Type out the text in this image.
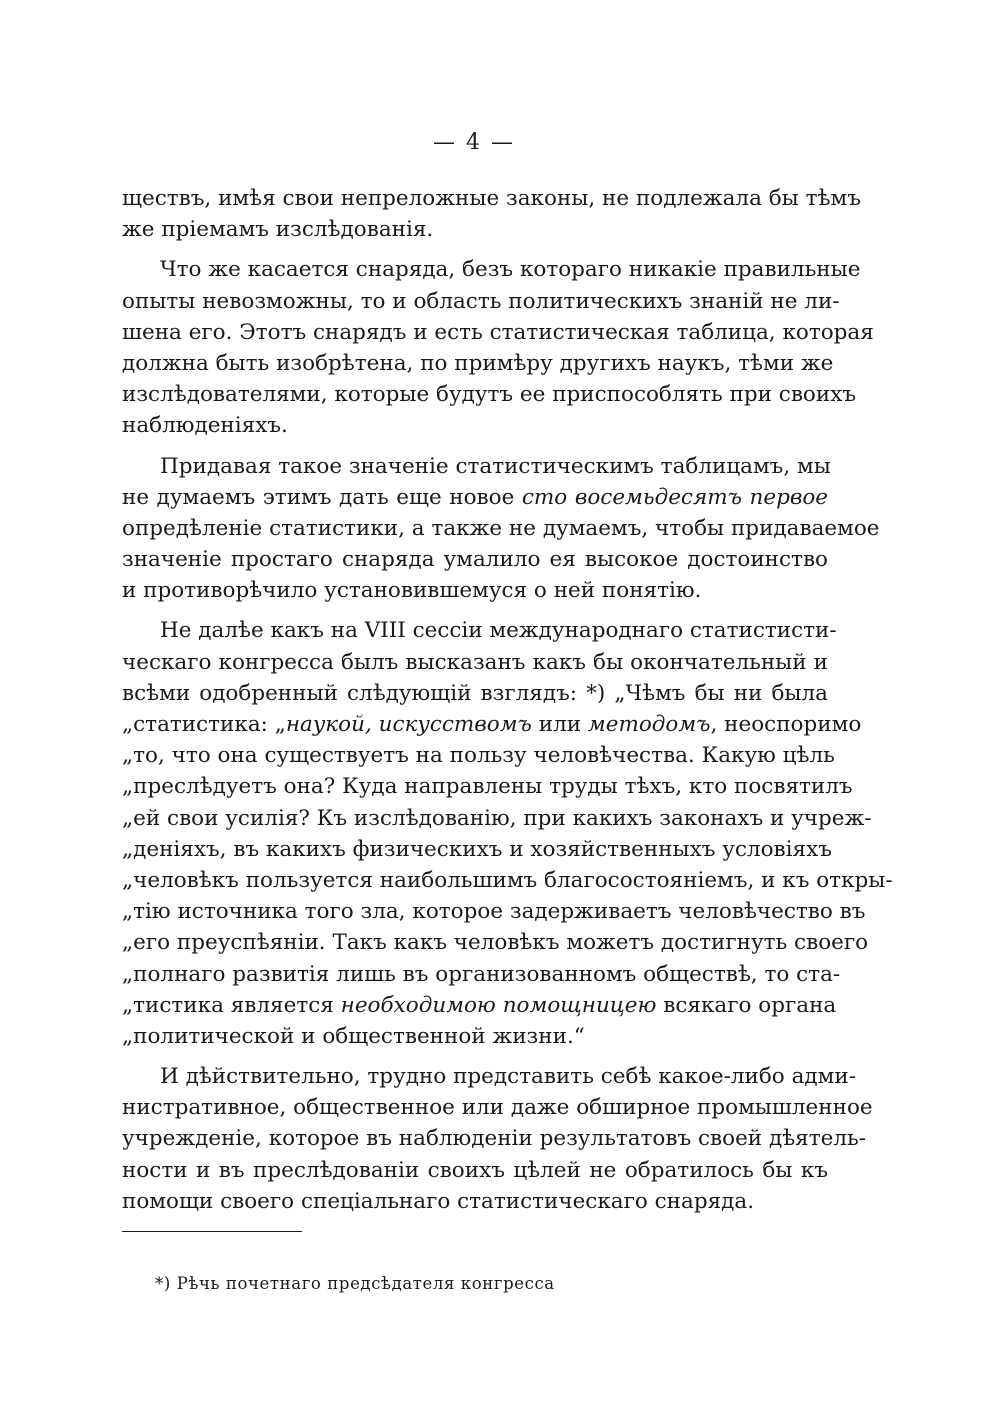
— 4 —
ществъ, имѣя свои непреложные законы, не подлежала бы тѣмъ
же пріемамъ изслѣдованія.
Что же касается снаряда, безъ котораго никакіе правильные
опыты невозможны, то и область политическихъ знаній не ли-
шена его. Этотъ снарядъ и есть статистическая таблица, которая
должна быть изобрѣтена, по примѣру другихъ наукъ, тѣми же
изслѣдователями, которые будутъ ее приспособлять при своихъ
наблюденіяхъ.
Придавая такое значеніе статистическимъ таблицамъ, мы
не думаемъ этимъ дать еще новое сто восемьдесятъ первое
опредѣленіе статистики, а также не думаемъ, чтобы придаваемое
значеніе простаго снаряда умалило ея высокое достоинство
и противорѣчило установившемуся о ней понятію.
Не далѣе какъ на VIII сессіи международнаго статистисти-
ческаго конгресса былъ высказанъ какъ бы окончательный и
всѣми одобренный слѣдующій взглядъ: *) „Чѣмъ бы ни была
„статистика: „наукой, искусствомъ или методомъ, неоспоримо
„то, что она существуетъ на пользу человѣчества. Какую цѣль
„преслѣдуетъ она? Куда направлены труды тѣхъ, кто посвятилъ
„ей свои усилія? Къ изслѣдованію, при какихъ законахъ и учреж-
„деніяхъ, въ какихъ физическихъ и хозяйственныхъ условіяхъ
„человѣкъ пользуется наибольшимъ благосостояніемъ, и къ откры-
„тію источника того зла, которое задерживаетъ человѣчество въ
„его преуспѣяніи. Такъ какъ человѣкъ можетъ достигнуть своего
„полнаго развитія лишь въ организованномъ обществѣ, то ста-
„тистика является необходимою помощницею всякаго органа
„политической и общественной жизни.“
И дѣйствительно, трудно представить себѣ какое-либо адми-
нистративное, общественное или даже обширное промышленное
учрежденіе, которое въ наблюденіи результатовъ своей дѣятель-
ности и въ преслѣдованіи своихъ цѣлей не обратилось бы къ
помощи своего спеціальнаго статистическаго снаряда.
*) Рѣчь почетнаго предсѣдателя конгресса
